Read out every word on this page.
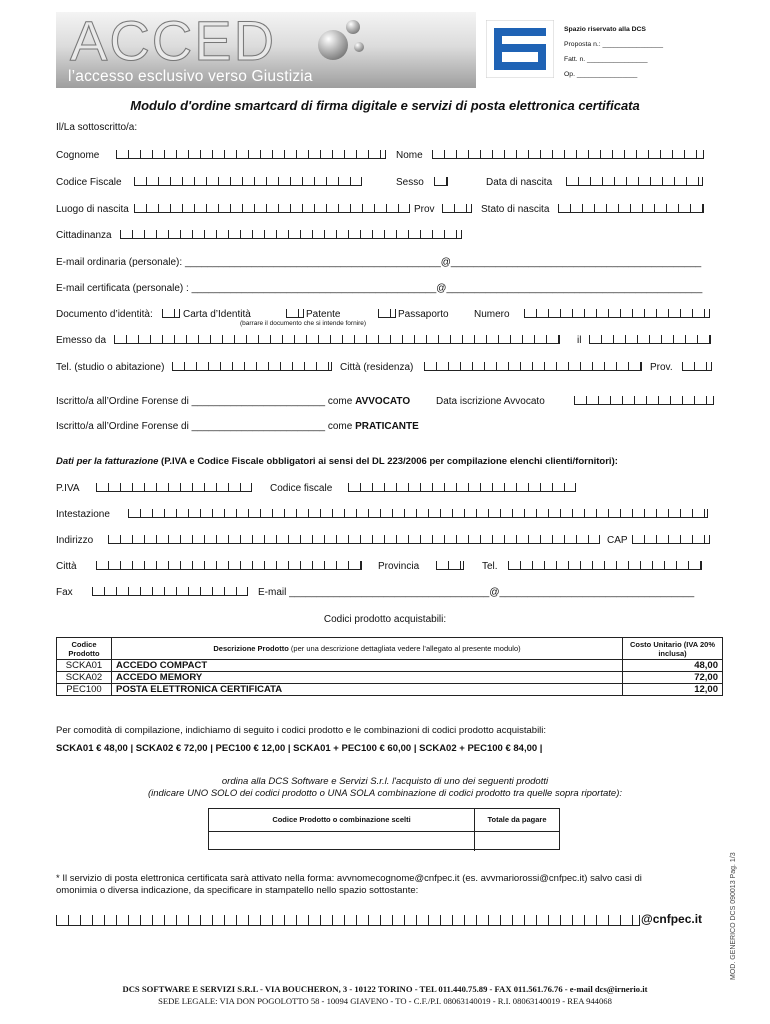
ACCED
l’accesso esclusivo verso Giustizia
Spazio riservato alla DCS
Proposta n.: ________________
Fatt. n. ________________
Op. ________________
Modulo d'ordine smartcard di firma digitale e servizi di posta elettronica certificata
Il/La sottoscritto/a:
Cognome	Nome
Codice Fiscale	Sesso	Data di nascita
Luogo di nascita	Prov	Stato di nascita
Cittadinanza
E-mail ordinaria (personale): ______________________________________________@_____________________________________________
E-mail certificata (personale) : ____________________________________________@______________________________________________
Documento d’identità:	Carta d’Identità	Patente	Passaporto	Numero
(barrare il documento che si intende fornire)
Emesso da	il
Tel. (studio o abitazione)	Città (residenza)	Prov.
Iscritto/a all’Ordine Forense di ________________________ come AVVOCATO	Data iscrizione Avvocato
Iscritto/a all’Ordine Forense di ________________________ come PRATICANTE
Dati per la fatturazione (P.IVA e Codice Fiscale obbligatori ai sensi del DL 223/2006 per compilazione elenchi clienti/fornitori):
P.IVA	Codice fiscale
Intestazione
Indirizzo	CAP
Città	Provincia	Tel.
Fax	E-mail ____________________________________@___________________________________
Codici prodotto acquistabili:
Codice Prodotto	Descrizione Prodotto (per una descrizione dettagliata vedere l’allegato al presente modulo)	Costo Unitario (IVA 20% inclusa)
SCKA01	ACCEDO COMPACT	48,00
SCKA02	ACCEDO MEMORY	72,00
PEC100	POSTA ELETTRONICA CERTIFICATA	12,00
Per comodità di compilazione, indichiamo di seguito i codici prodotto e le combinazioni di codici prodotto acquistabili:
SCKA01 € 48,00 | SCKA02 € 72,00 | PEC100 € 12,00 | SCKA01 + PEC100 € 60,00 | SCKA02 + PEC100 € 84,00 |
ordina alla DCS Software e Servizi S.r.l. l'acquisto di uno dei seguenti prodotti
(indicare UNO SOLO dei codici prodotto o UNA SOLA combinazione di codici prodotto tra quelle sopra riportate):
Codice Prodotto o combinazione scelti	Totale da pagare
* Il servizio di posta elettronica certificata sarà attivato nella forma: avvnomecognome@cnfpec.it (es. avvmariorossi@cnfpec.it) salvo casi di
omonimia o diversa indicazione, da specificare in stampatello nello spazio sottostante:
@cnfpec.it	MOD. GENERICO DCS 090013 Pag. 1/3
DCS SOFTWARE E SERVIZI S.R.L - VIA BOUCHERON, 3 - 10122 TORINO - TEL 011.440.75.89 - FAX 011.561.76.76 - e-mail dcs@irnerio.it
SEDE LEGALE: VIA DON POGOLOTTO 58 - 10094 GIAVENO - TO - C.F./P.I. 08063140019 - R.I. 08063140019 - REA 944068
